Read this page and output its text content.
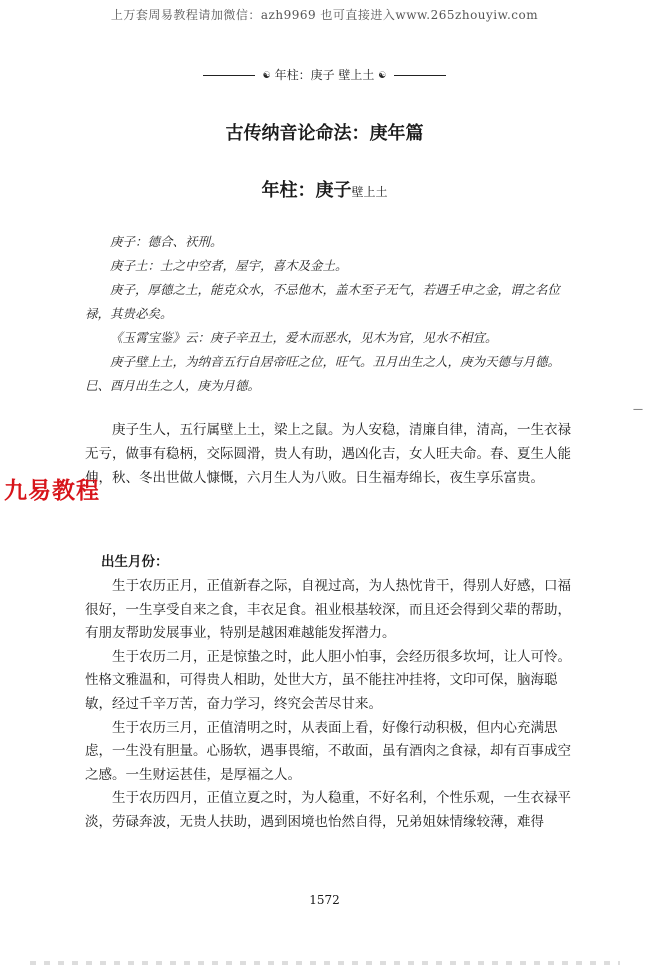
上万套周易教程请加微信：azh9969 也可直接进入www.265zhouyiw.com
☯ 年柱：庚子 壁上土 ☯
古传纳音论命法：庚年篇
年柱：庚子壁上土

庚子：德合、祆刑。

庚子土：土之中空者，屋宇，喜木及金土。

庚子，厚德之土，能克众水，不忌他木，盖木至子无气，若遇壬申之金，谓之名位禄，其贵必矣。

《玉霄宝鉴》云：庚子辛丑土，爱木而恶水，见木为官，见水不相宜。

庚子壁上土，为纳音五行自居帝旺之位，旺气。丑月出生之人，庚为天德与月德。巳、酉月出生之人，庚为月德。

庚子生人，五行属壁上土，梁上之鼠。为人安稳，清廉自律，清高，一生衣禄无亏，做事有稳柄，交际圆滑，贵人有助，遇凶化吉，女人旺夫命。春、夏生人能伸，秋、冬出世做人慷慨，六月生人为八败。日生福寿绵长，夜生享乐富贵。

九易教程
出生月份：

生于农历正月，正值新春之际，自视过高，为人热忱肯干，得别人好感，口福很好，一生享受自来之食，丰衣足食。祖业根基较深，而且还会得到父辈的帮助，有朋友帮助发展事业，特别是越困难越能发挥潜力。

生于农历二月，正是惊蛰之时，此人胆小怕事，会经历很多坎坷，让人可怜。性格文雅温和，可得贵人相助，处世大方，虽不能拄冲挂将，文印可保，脑海聪敏，经过千辛万苦，奋力学习，终究会苦尽甘来。

生于农历三月，正值清明之时，从表面上看，好像行动积极，但内心充满思虑，一生没有胆量。心肠软，遇事畏缩，不敢面，虽有酒肉之食禄，却有百事成空之感。一生财运甚佳，是厚福之人。

生于农历四月，正值立夏之时，为人稳重，不好名利，个性乐观，一生衣禄平淡，劳碌奔波，无贵人扶助，遇到困境也怡然自得，兄弟姐妹情缘较薄，难得

—
1572
